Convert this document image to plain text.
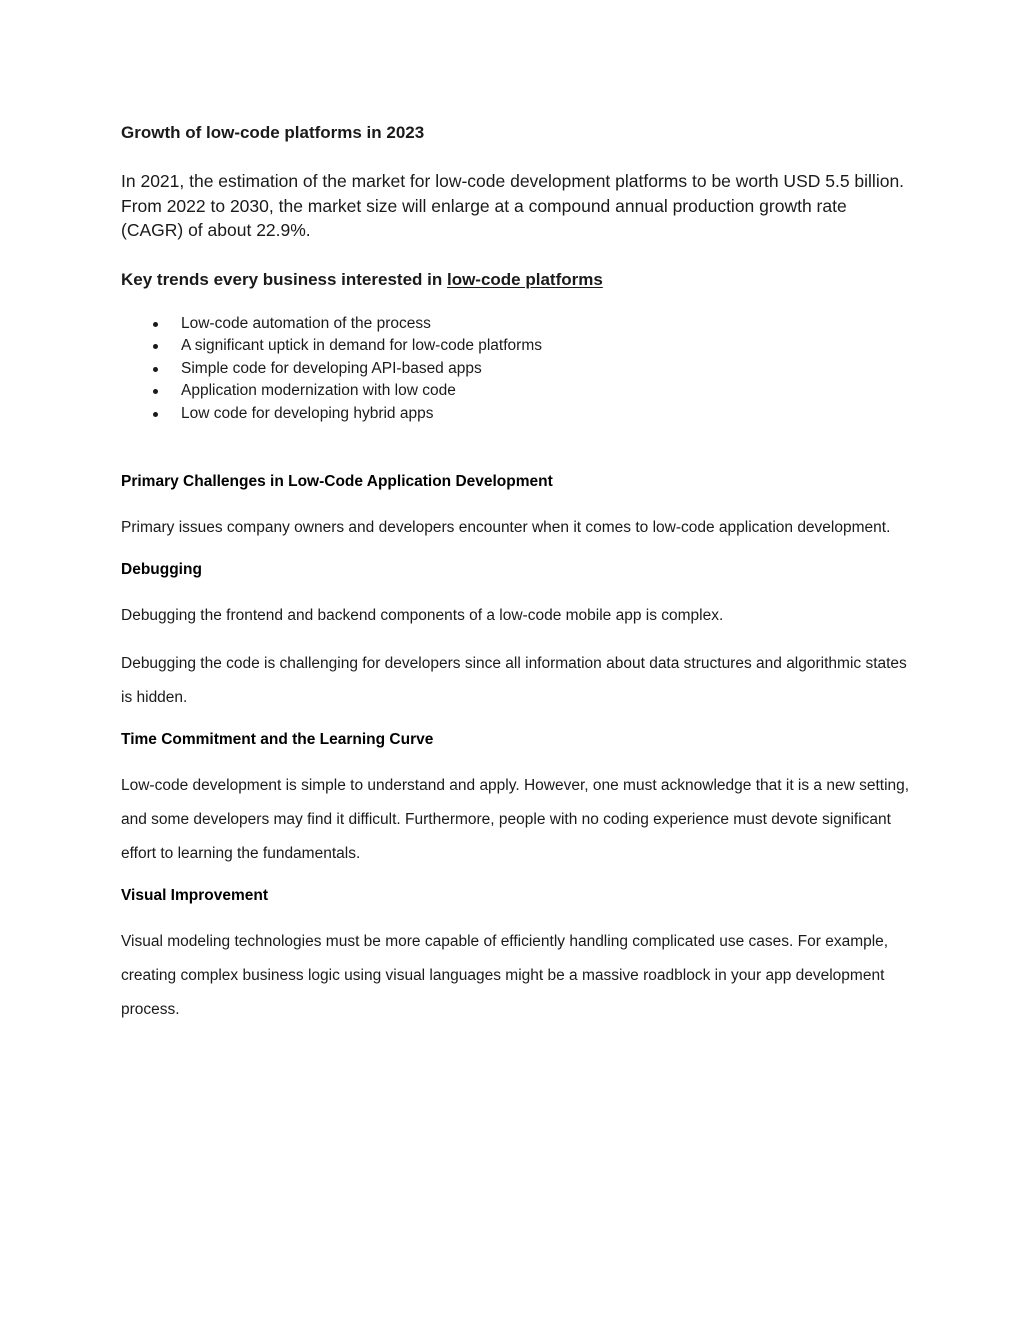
Growth of low-code platforms in 2023

In 2021, the estimation of the market for low-code development platforms to be worth USD 5.5 billion. From 2022 to 2030, the market size will enlarge at a compound annual production growth rate (CAGR) of about 22.9%.

Key trends every business interested in low-code platforms
Low-code automation of the process
A significant uptick in demand for low-code platforms
Simple code for developing API-based apps
Application modernization with low code
Low code for developing hybrid apps
Primary Challenges in Low-Code Application Development

Primary issues company owners and developers encounter when it comes to low-code application development.

Debugging

Debugging the frontend and backend components of a low-code mobile app is complex.

Debugging the code is challenging for developers since all information about data structures and algorithmic states is hidden.

Time Commitment and the Learning Curve

Low-code development is simple to understand and apply. However, one must acknowledge that it is a new setting, and some developers may find it difficult. Furthermore, people with no coding experience must devote significant effort to learning the fundamentals.

Visual Improvement

Visual modeling technologies must be more capable of efficiently handling complicated use cases. For example, creating complex business logic using visual languages might be a massive roadblock in your app development process.
